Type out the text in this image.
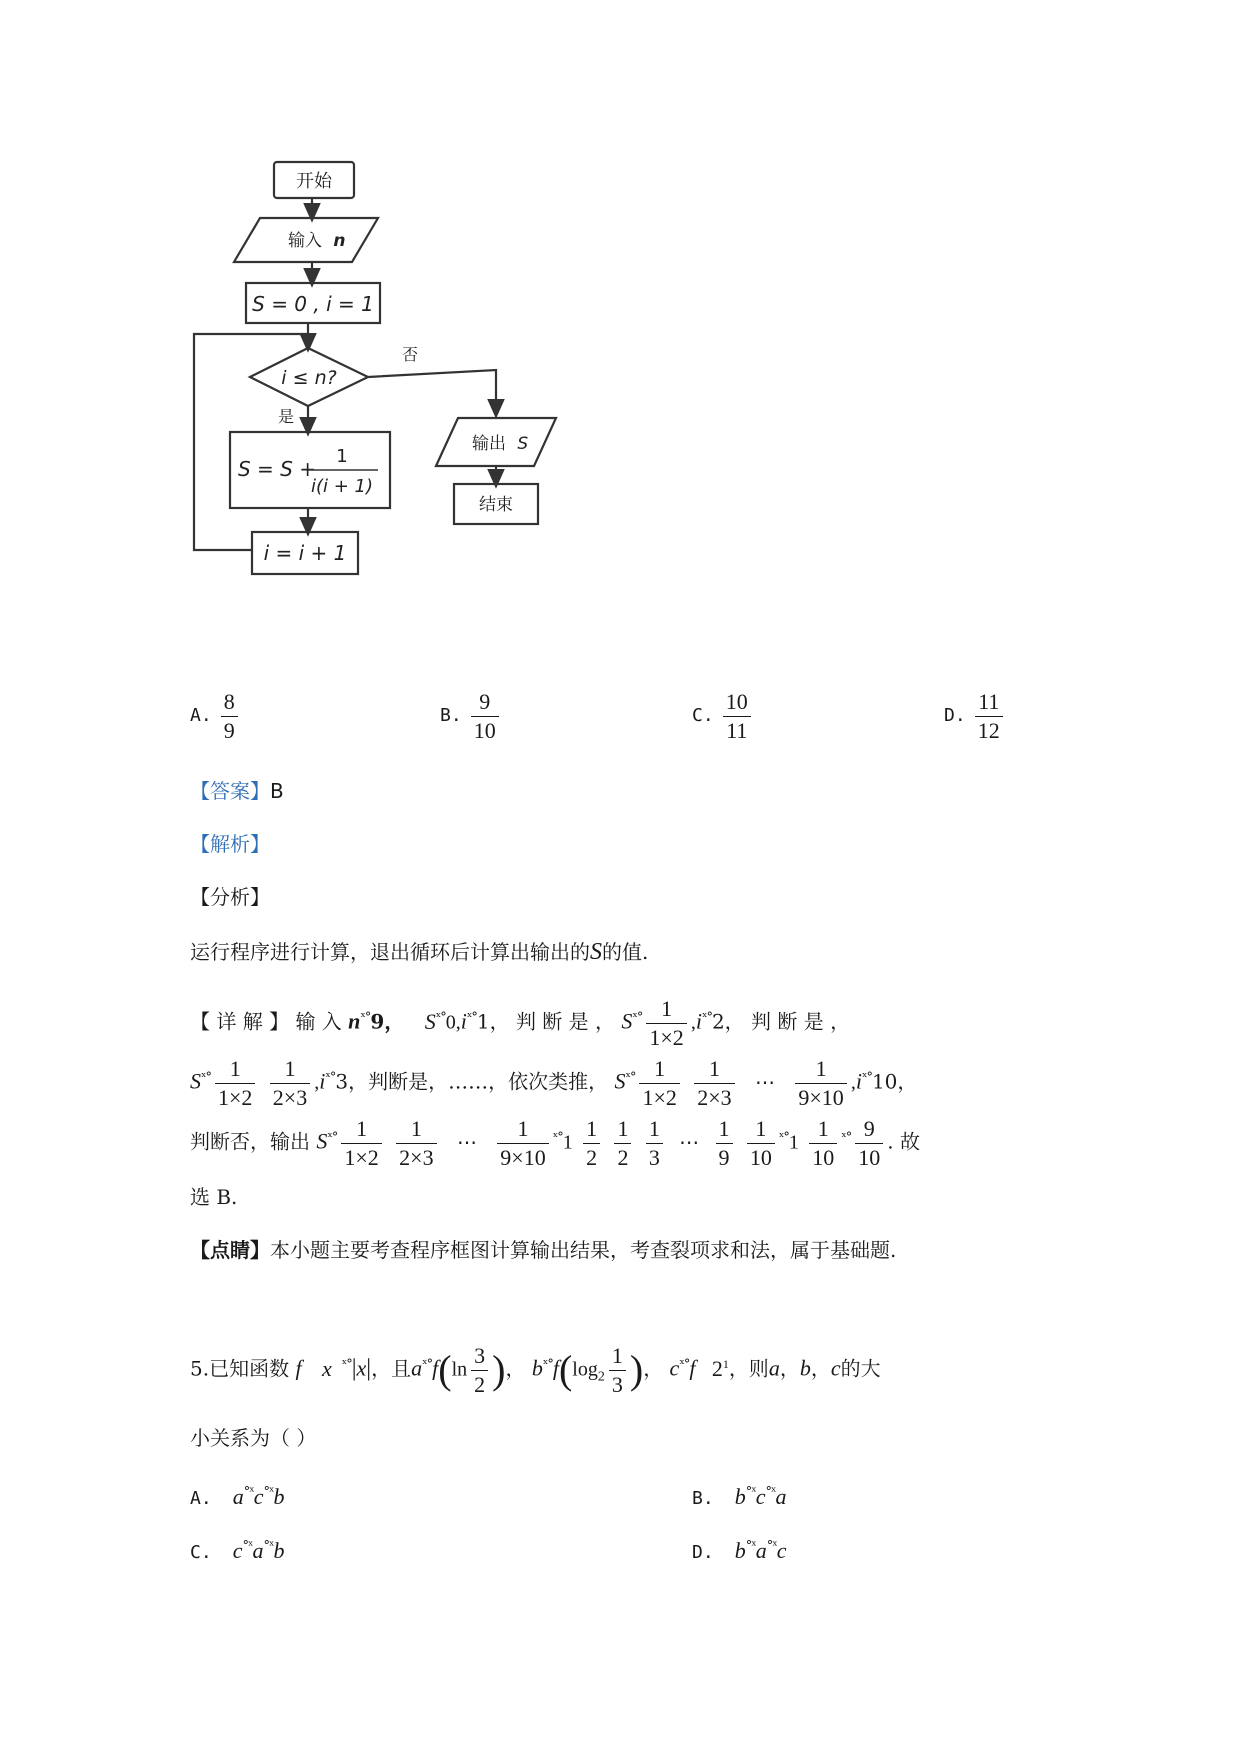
开始
输入 n
S = 0 , i = 1
i ≤ n?
否
是
S = S +
1
i(i + 1)
i = i + 1
输出 S
结束
A. $\frac{8}{9}$	B. $\frac{9}{10}$	C. $\frac{10}{11}$	D. $\frac{11}{12}$
【答案】B
【解析】
【分析】
运行程序进行计算，退出循环后计算出输出的S的值.
【 详 解 】 输 入 $n^{ˣ^\circ}9$， $S^{ˣ^\circ}0,i^{ˣ^\circ}1$， 判 断 是 ， $S^{ˣ^\circ} \frac{1}{1\times 2} ,i^{ˣ^\circ}2$， 判 断 是 ，
$S^{ˣ^\circ} \frac{1}{1\times 2}$
$\frac{1}{2\times 3} ,i^{ˣ^\circ}3$，判断是，……，依次类推， $S^{ˣ^\circ} \frac{1}{1\times 2}$
$\frac{1}{2\times 3}$ ⋯ $\frac{1}{9\times 10} ,i^{ˣ^\circ}10$，
判断否，输出 $S^{ˣ^\circ} \frac{1}{1\times 2}$
$\frac{1}{2\times 3}$ ⋯ $\frac{1}{9\times 10} ^{ˣ^\circ}1 \frac{1}{2}$
$\frac{1}{2}$
$\frac{1}{3}$ ⋯ $\frac{1}{9}$
$\frac{1}{10} ^{ˣ^\circ}1 \frac{1}{10} ^{ˣ^\circ} \frac{9}{10}$ . 故
选 B.
【点睛】本小题主要考查程序框图计算输出结果，考查裂项求和法，属于基础题.
5.已知函数 f x $^{ˣ^\circ}$|x|，且$a^{ˣ^\circ}f(\ln \frac{3}{2}$ )， $b^{ˣ^\circ}f(\log_2 \frac{1}{3}$ )， $c^{ˣ^\circ}f$ $2^1$，则a，b，c的大
小关系为（ ）
A. $a^{^\circ ˣ}c^{^\circ ˣ}b$	B. $b^{^\circ ˣ}c^{^\circ ˣ}a$
C. $c^{^\circ ˣ}a^{^\circ ˣ}b$	D. $b^{^\circ ˣ}a^{^\circ ˣ}c$
